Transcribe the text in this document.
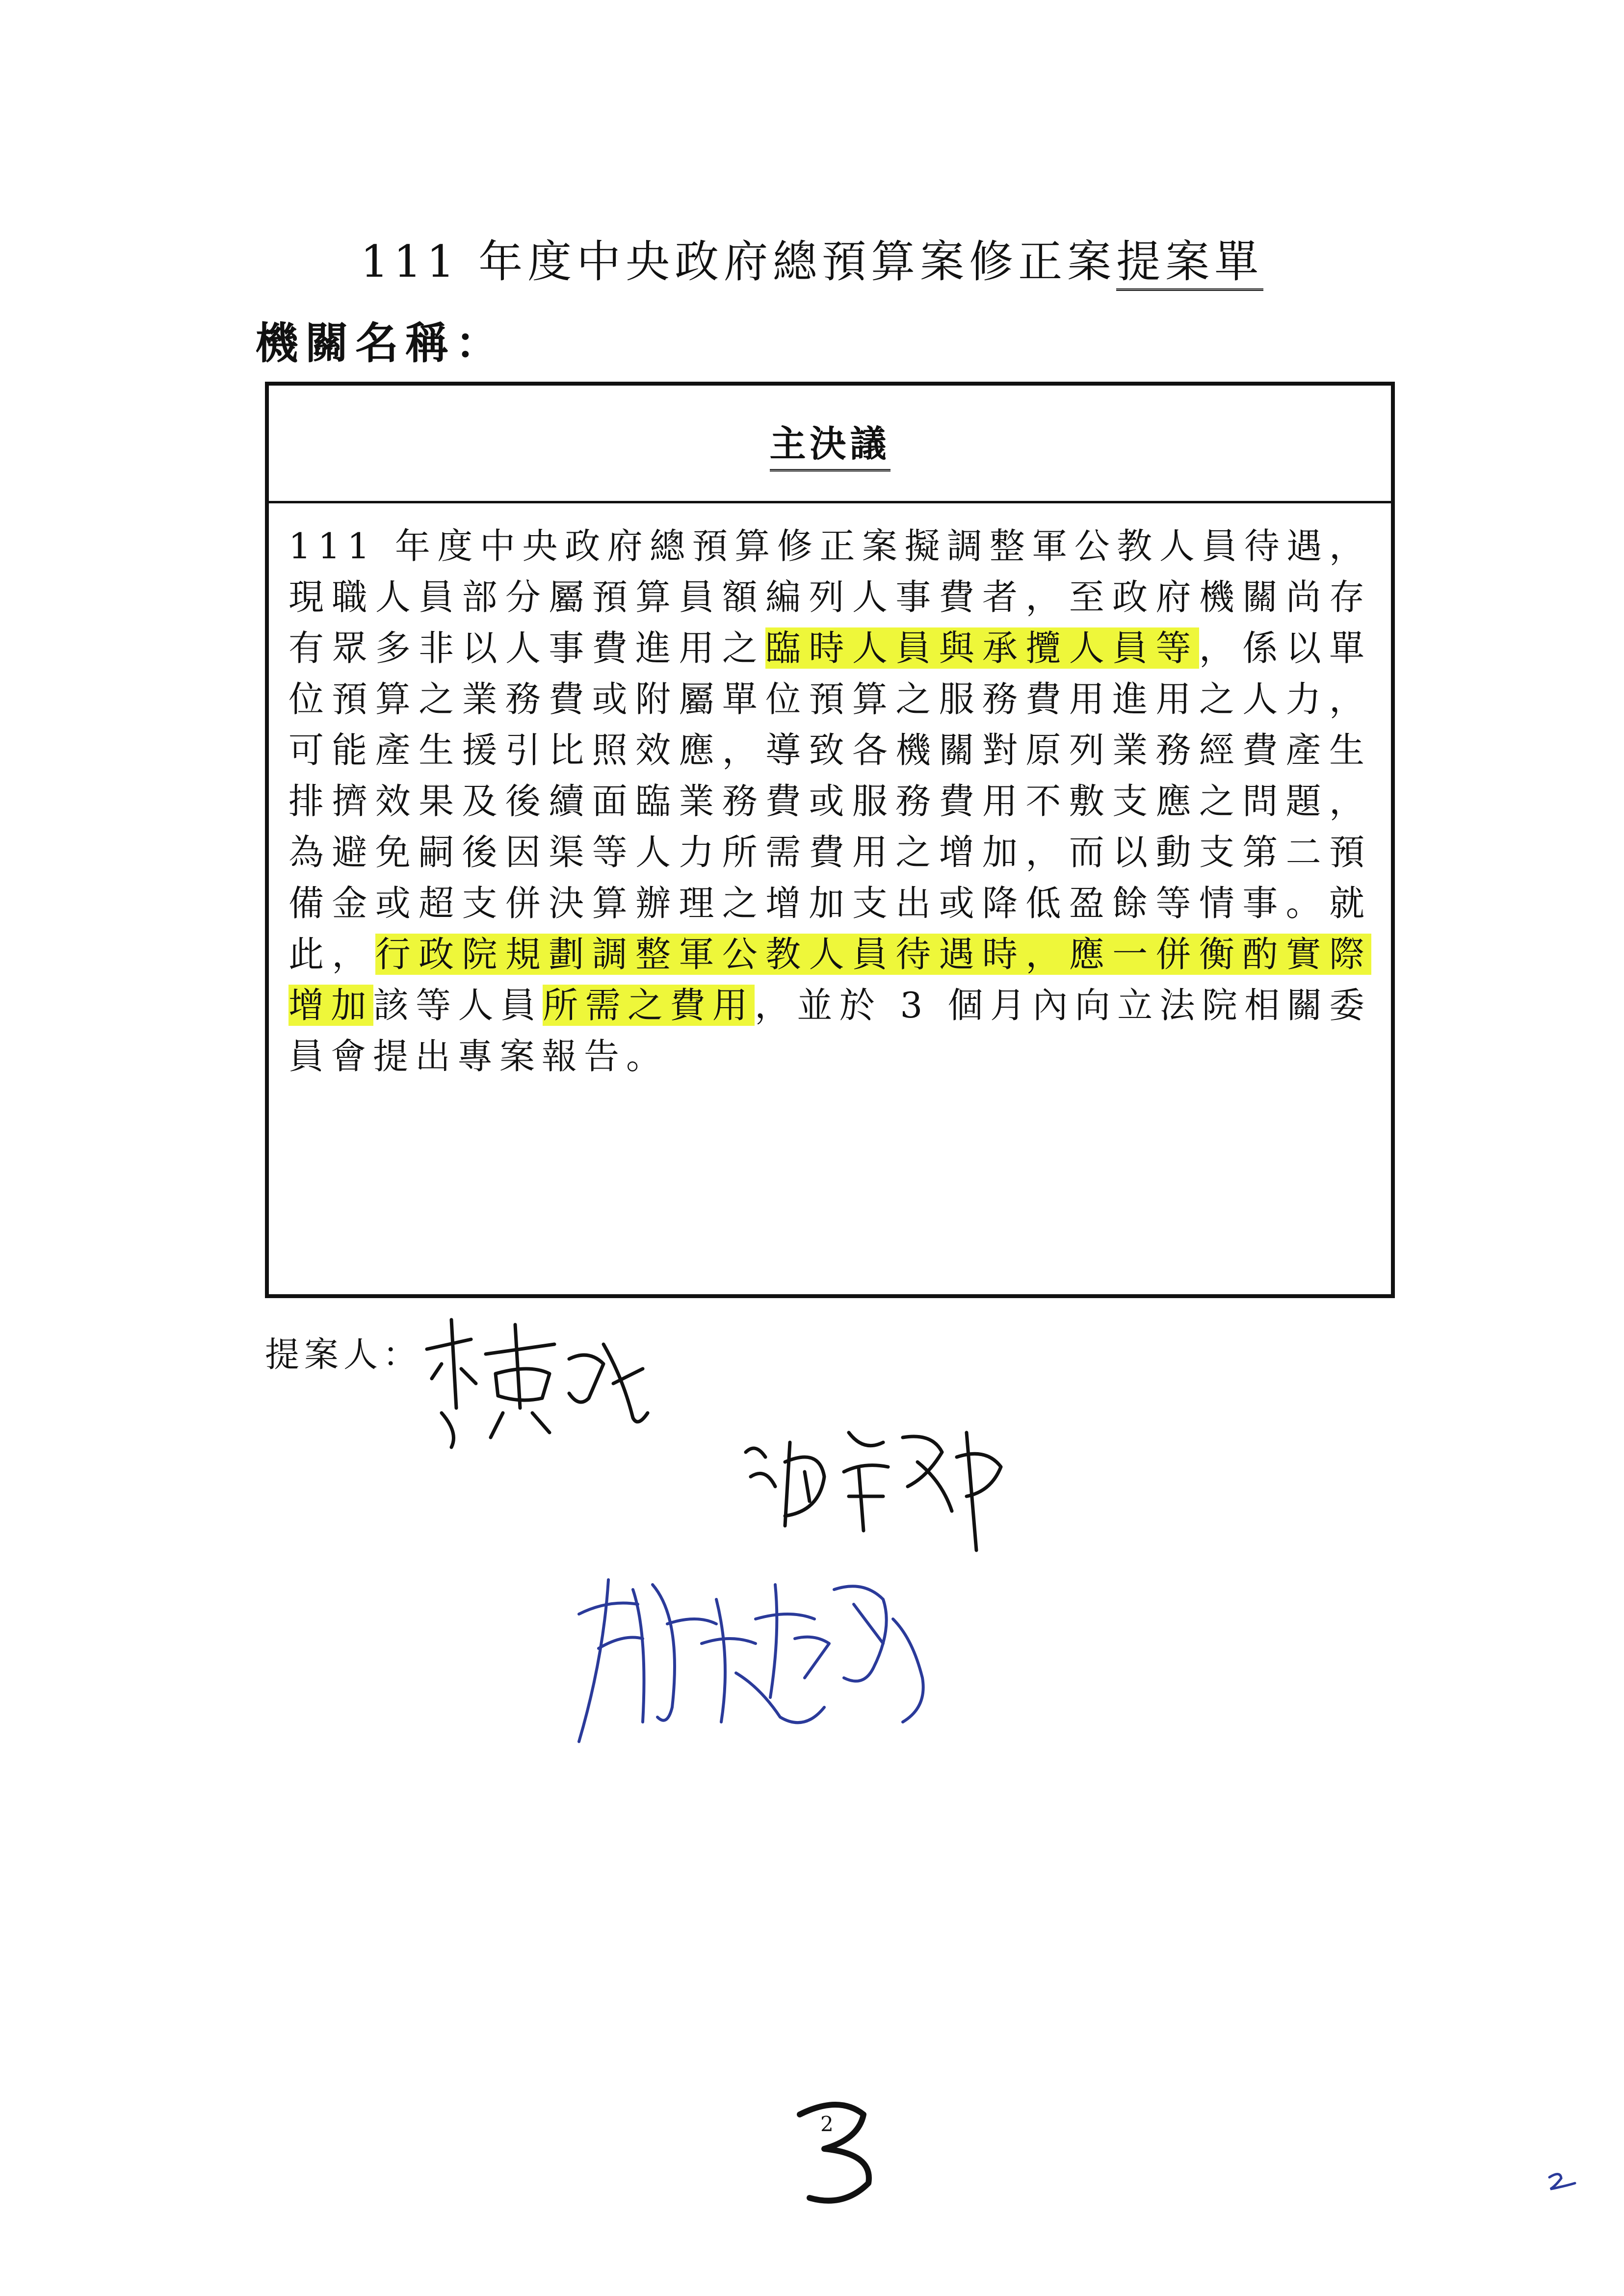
111 年度中央政府總預算案修正案提案單
機關名稱：
主決議
111 年度中央政府總預算修正案擬調整軍公教人員待遇，現職人員部分屬預算員額編列人事費者，至政府機關尚存有眾多非以人事費進用之臨時人員與承攬人員等，係以單位預算之業務費或附屬單位預算之服務費用進用之人力，可能產生援引比照效應，導致各機關對原列業務經費產生排擠效果及後續面臨業務費或服務費用不敷支應之問題，為避免嗣後因渠等人力所需費用之增加，而以動支第二預備金或超支併決算辦理之增加支出或降低盈餘等情事。就此，行政院規劃調整軍公教人員待遇時，應一併衡酌實際增加該等人員所需之費用，並於 3 個月內向立法院相關委員會提出專案報告。
提案人：
2
